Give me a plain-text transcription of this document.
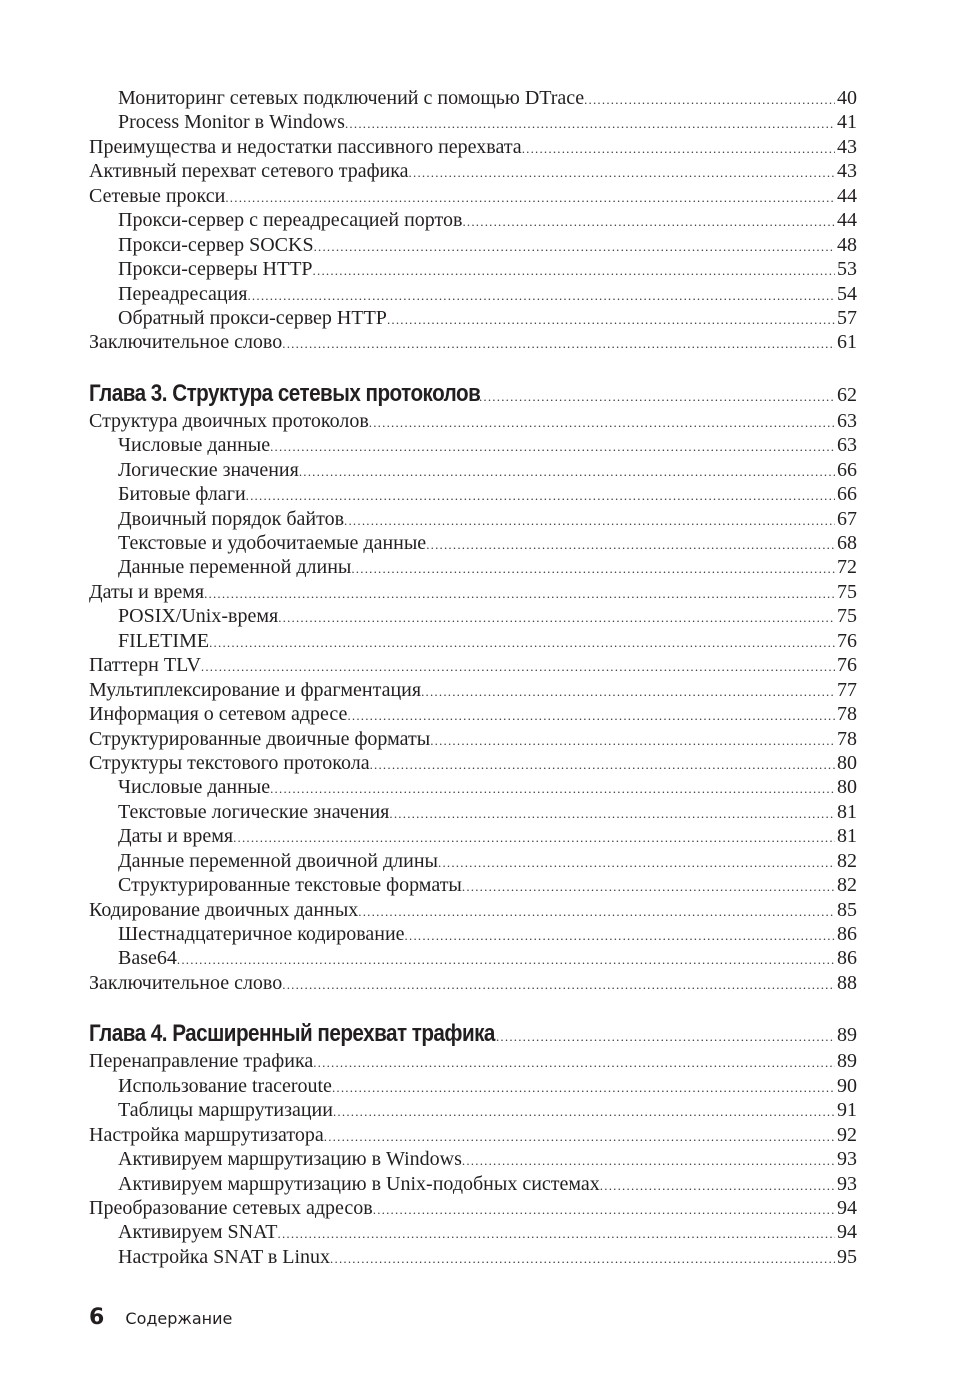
Мониторинг сетевых подключений с помощью DTrace .....	40
Process Monitor в Windows .....	41
Преимущества и недостатки пассивного перехвата .....	43
Активный перехват сетевого трафика .....	43
Сетевые прокси .....	44
Прокси-сервер с переадресацией портов .....	44
Прокси-сервер SOCKS .....	48
Прокси-серверы HTTP .....	53
Переадресация .....	54
Обратный прокси-сервер HTTP .....	57
Заключительное слово .....	61
Глава 3. Структура сетевых протоколов .....	62
Структура двоичных протоколов .....	63
Числовые данные .....	63
Логические значения .....	66
Битовые флаги .....	66
Двоичный порядок байтов .....	67
Текстовые и удобочитаемые данные .....	68
Данные переменной длины .....	72
Даты и время .....	75
POSIX/Unix-время .....	75
FILETIME .....	76
Паттерн TLV .....	76
Мультиплексирование и фрагментация .....	77
Информация о сетевом адресе .....	78
Структурированные двоичные форматы .....	78
Структуры текстового протокола .....	80
Числовые данные .....	80
Текстовые логические значения .....	81
Даты и время .....	81
Данные переменной двоичной длины .....	82
Структурированные текстовые форматы .....	82
Кодирование двоичных данных .....	85
Шестнадцатеричное кодирование .....	86
Base64 .....	86
Заключительное слово .....	88
Глава 4. Расширенный перехват трафика .....	89
Перенаправление трафика .....	89
Использование traceroute .....	90
Таблицы маршрутизации .....	91
Настройка маршрутизатора .....	92
Активируем маршрутизацию в Windows .....	93
Активируем маршрутизацию в Unix-подобных системах .....	93
Преобразование сетевых адресов .....	94
Активируем SNAT .....	94
Настройка SNAT в Linux .....	95
6 Содержание
